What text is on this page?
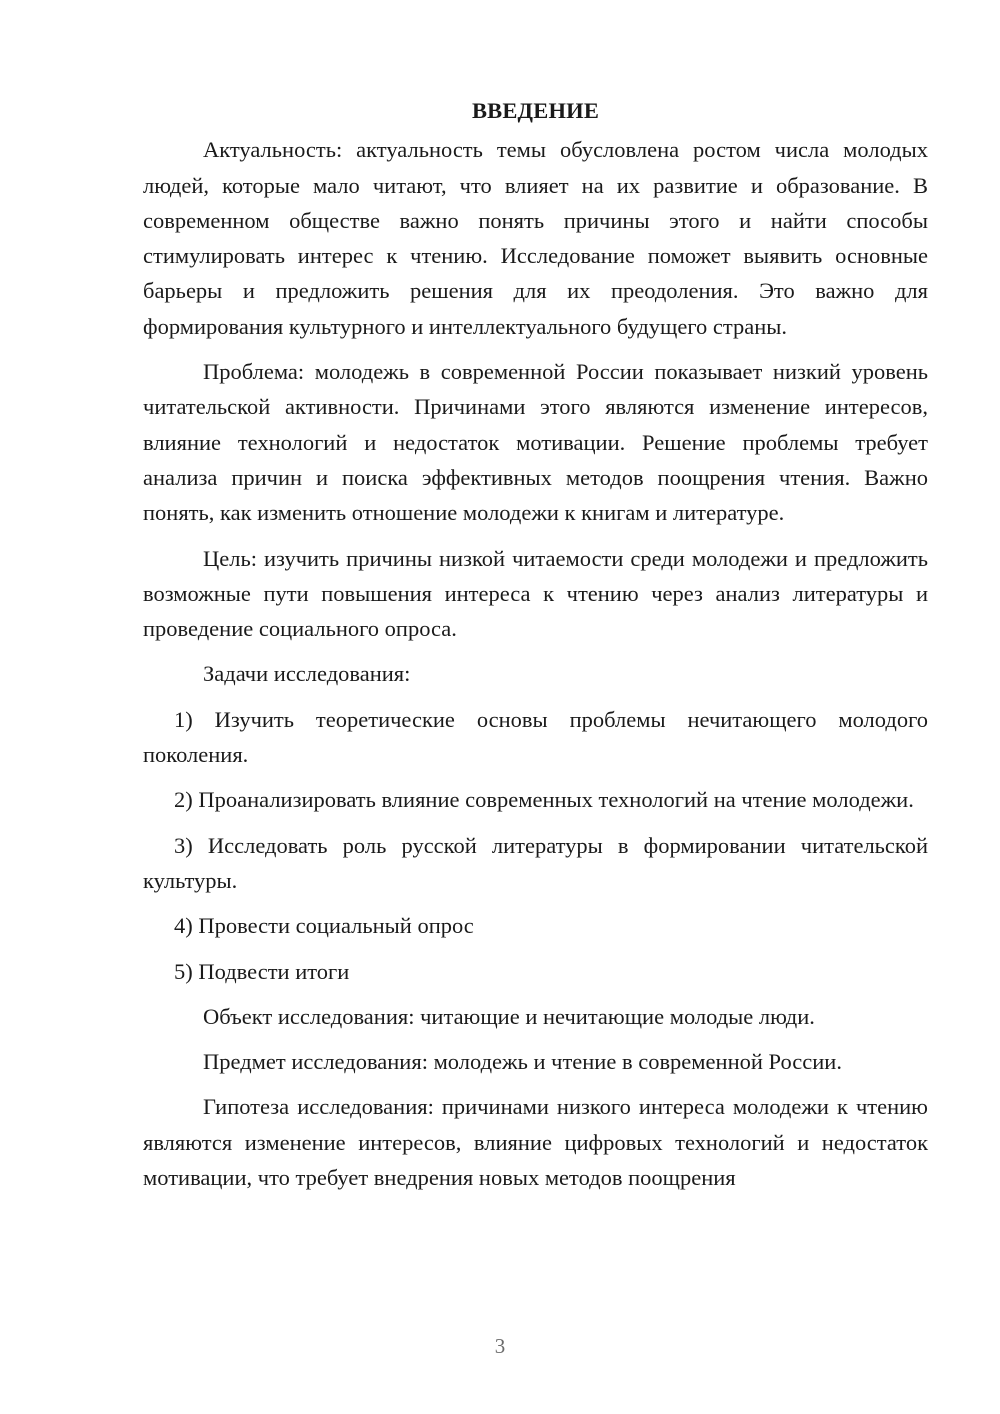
ВВЕДЕНИЕ

Актуальность: актуальность темы обусловлена ростом числа молодых людей, которые мало читают, что влияет на их развитие и образование. В современном обществе важно понять причины этого и найти способы стимулировать интерес к чтению. Исследование поможет выявить основные барьеры и предложить решения для их преодоления. Это важно для формирования культурного и интеллектуального будущего страны.

Проблема: молодежь в современной России показывает низкий уровень читательской активности. Причинами этого являются изменение интересов, влияние технологий и недостаток мотивации. Решение проблемы требует анализа причин и поиска эффективных методов поощрения чтения. Важно понять, как изменить отношение молодежи к книгам и литературе.

Цель: изучить причины низкой читаемости среди молодежи и предложить возможные пути повышения интереса к чтению через анализ литературы и проведение социального опроса.

Задачи исследования:

1) Изучить теоретические основы проблемы нечитающего молодого поколения.

2) Проанализировать влияние современных технологий на чтение молодежи.

3) Исследовать роль русской литературы в формировании читательской культуры.

4) Провести социальный опрос

5) Подвести итоги

Объект исследования: читающие и нечитающие молодые люди.

Предмет исследования: молодежь и чтение в современной России.

Гипотеза исследования: причинами низкого интереса молодежи к чтению являются изменение интересов, влияние цифровых технологий и недостаток мотивации, что требует внедрения новых методов поощрения

3
